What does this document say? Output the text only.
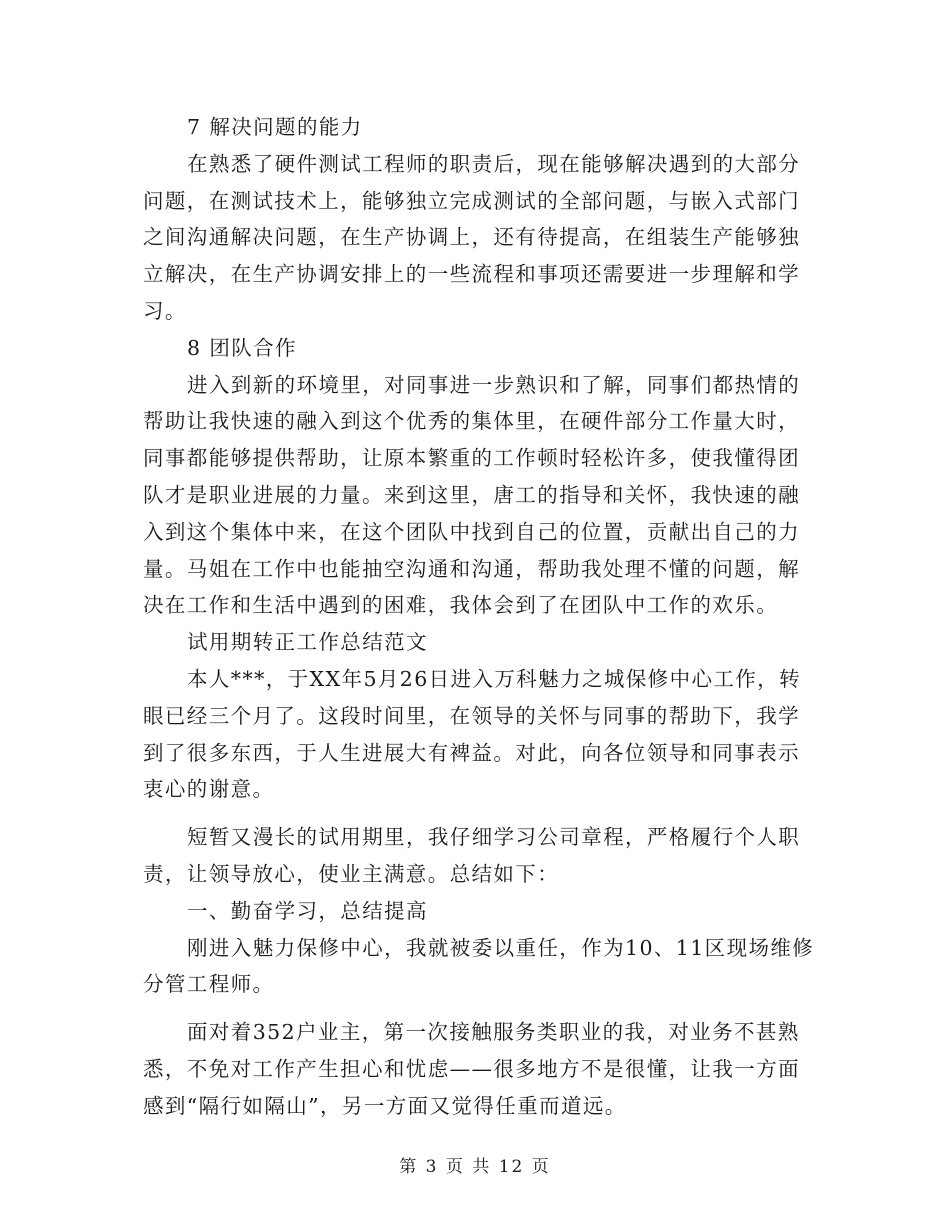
7 解决问题的能力
在熟悉了硬件测试工程师的职责后，现在能够解决遇到的大部分
问题，在测试技术上，能够独立完成测试的全部问题，与嵌入式部门
之间沟通解决问题，在生产协调上，还有待提高，在组装生产能够独
立解决，在生产协调安排上的一些流程和事项还需要进一步理解和学
习。
8 团队合作
进入到新的环境里，对同事进一步熟识和了解，同事们都热情的
帮助让我快速的融入到这个优秀的集体里，在硬件部分工作量大时，
同事都能够提供帮助，让原本繁重的工作顿时轻松许多，使我懂得团
队才是职业进展的力量。来到这里，唐工的指导和关怀，我快速的融
入到这个集体中来，在这个团队中找到自己的位置，贡献出自己的力
量。马姐在工作中也能抽空沟通和沟通，帮助我处理不懂的问题，解
决在工作和生活中遇到的困难，我体会到了在团队中工作的欢乐。
试用期转正工作总结范文
本人***，于XX年5月26日进入万科魅力之城保修中心工作，转
眼已经三个月了。这段时间里，在领导的关怀与同事的帮助下，我学
到了很多东西，于人生进展大有裨益。对此，向各位领导和同事表示
衷心的谢意。
短暂又漫长的试用期里，我仔细学习公司章程，严格履行个人职
责，让领导放心，使业主满意。总结如下：
一、勤奋学习，总结提高
刚进入魅力保修中心，我就被委以重任，作为10、11区现场维修
分管工程师。
面对着352户业主，第一次接触服务类职业的我，对业务不甚熟
悉，不免对工作产生担心和忧虑——很多地方不是很懂，让我一方面
感到“隔行如隔山”，另一方面又觉得任重而道远。
第 3 页 共 12 页
